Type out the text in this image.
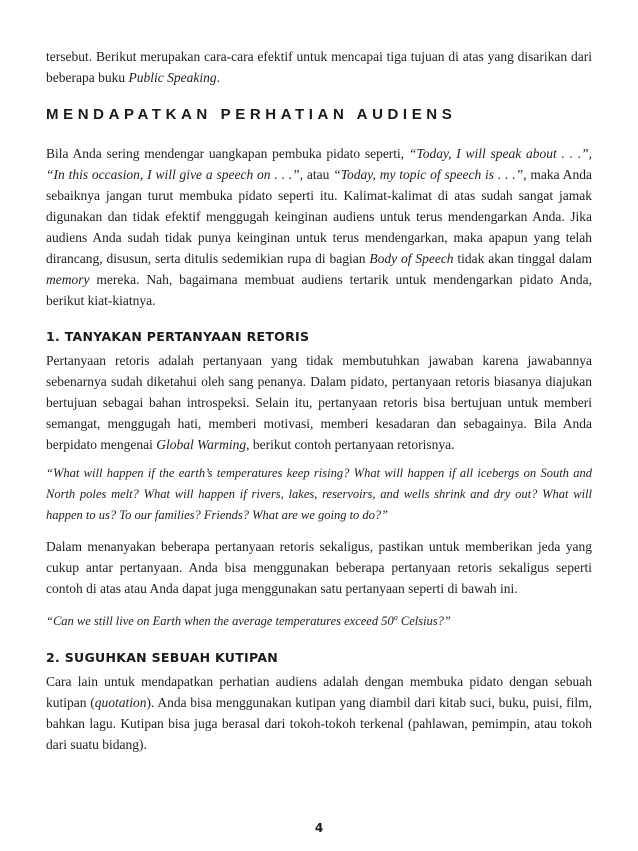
tersebut. Berikut merupakan cara-cara efektif untuk mencapai tiga tujuan di atas yang disarikan dari beberapa buku Public Speaking.

MENDAPATKAN PERHATIAN AUDIENS

Bila Anda sering mendengar uangkapan pembuka pidato seperti, “Today, I will speak about . . .”, “In this occasion, I will give a speech on . . .”, atau “Today, my topic of speech is . . .”, maka Anda sebaiknya jangan turut membuka pidato seperti itu. Kalimat-kalimat di atas sudah sangat jamak digunakan dan tidak efektif menggugah keinginan audiens untuk terus mendengarkan Anda. Jika audiens Anda sudah tidak punya keinginan untuk terus mendengarkan, maka apapun yang telah dirancang, disusun, serta ditulis sedemikian rupa di bagian Body of Speech tidak akan tinggal dalam memory mereka. Nah, bagaimana membuat audiens tertarik untuk mendengarkan pidato Anda, berikut kiat-kiatnya.

1. TANYAKAN PERTANYAAN RETORIS

Pertanyaan retoris adalah pertanyaan yang tidak membutuhkan jawaban karena jawabannya sebenarnya sudah diketahui oleh sang penanya. Dalam pidato, pertanyaan retoris biasanya diajukan bertujuan sebagai bahan introspeksi. Selain itu, pertanyaan retoris bisa bertujuan untuk memberi semangat, menggugah hati, memberi motivasi, memberi kesadaran dan sebagainya. Bila Anda berpidato mengenai Global Warming, berikut contoh pertanyaan retorisnya.

“What will happen if the earth’s temperatures keep rising? What will happen if all icebergs on South and North poles melt? What will happen if rivers, lakes, reservoirs, and wells shrink and dry out? What will happen to us? To our families? Friends? What are we going to do?”

Dalam menanyakan beberapa pertanyaan retoris sekaligus, pastikan untuk memberikan jeda yang cukup antar pertanyaan. Anda bisa menggunakan beberapa pertanyaan retoris sekaligus seperti contoh di atas atau Anda dapat juga menggunakan satu pertanyaan seperti di bawah ini.

“Can we still live on Earth when the average temperatures exceed 50$^o$ Celsius?”

2. SUGUHKAN SEBUAH KUTIPAN

Cara lain untuk mendapatkan perhatian audiens adalah dengan membuka pidato dengan sebuah kutipan (quotation). Anda bisa menggunakan kutipan yang diambil dari kitab suci, buku, puisi, film, bahkan lagu. Kutipan bisa juga berasal dari tokoh-tokoh terkenal (pahlawan, pemimpin, atau tokoh dari suatu bidang).

4
